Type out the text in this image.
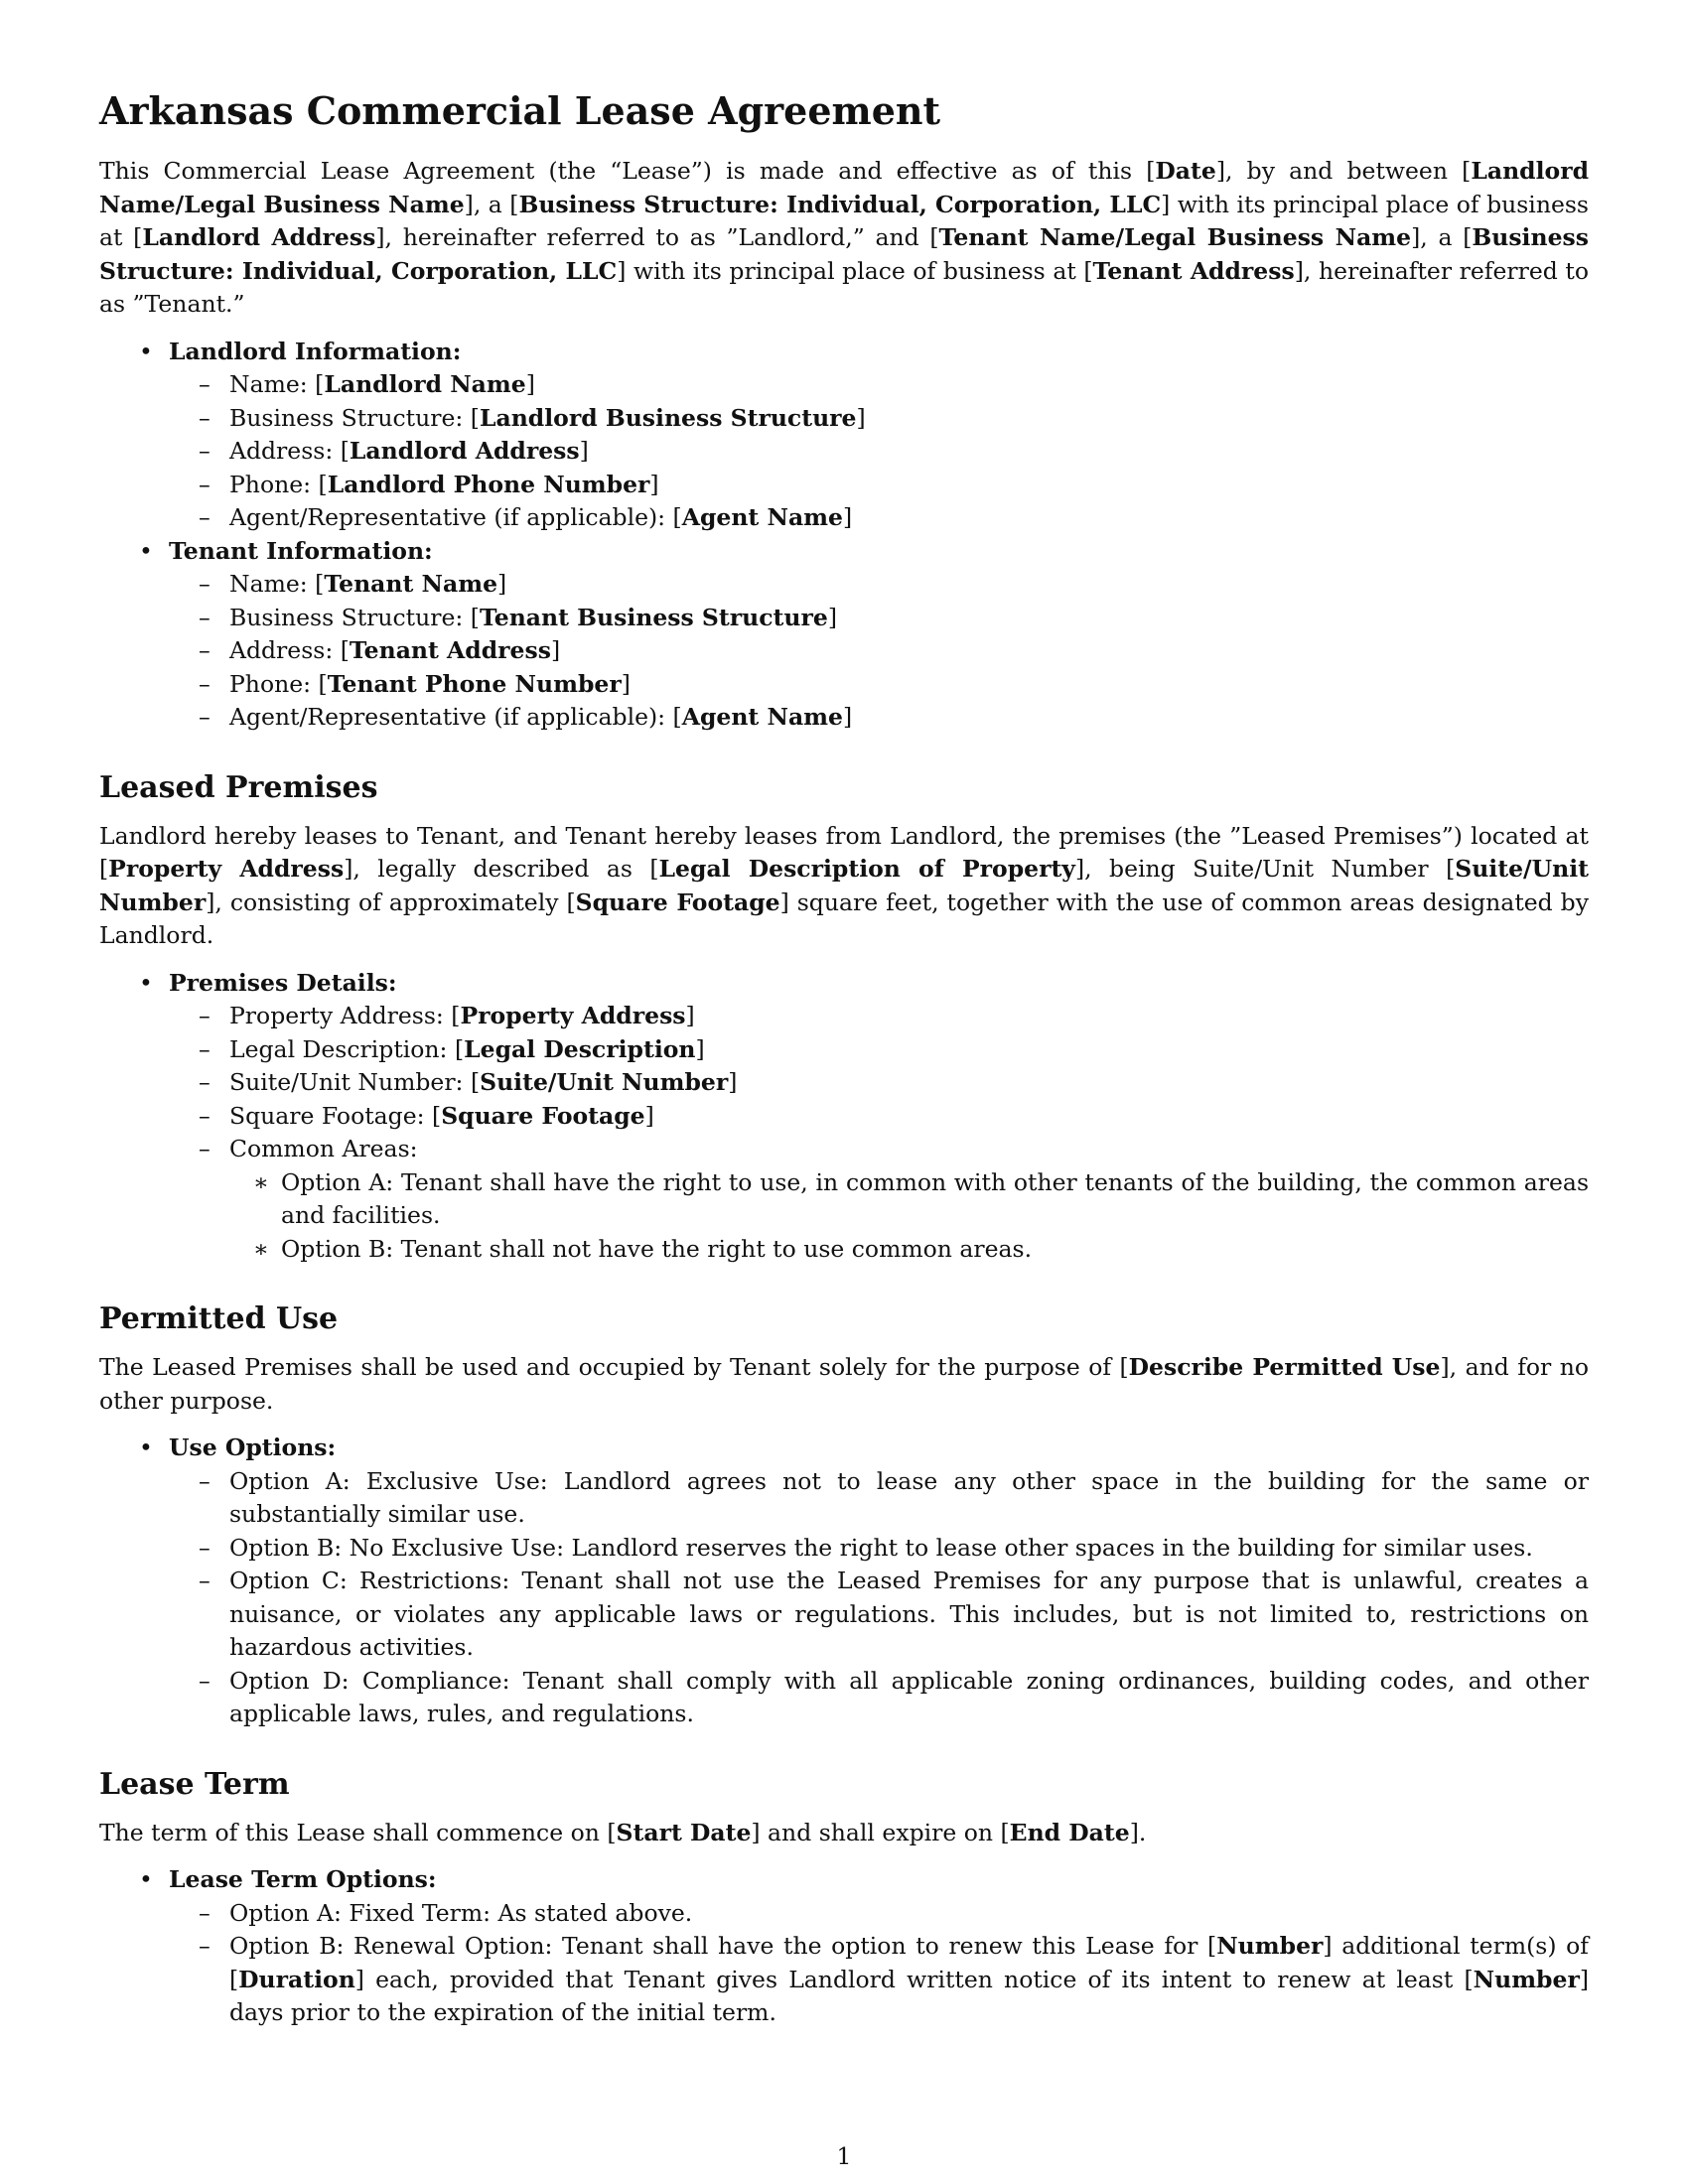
Arkansas Commercial Lease Agreement

This Commercial Lease Agreement (the “Lease”) is made and effective as of this [Date], by and between [Landlord Name/Legal Business Name], a [Business Structure: Individual, Corporation, LLC] with its principal place of business at [Landlord Address], hereinafter referred to as ”Landlord,” and [Tenant Name/Legal Business Name], a [Business Structure: Individual, Corporation, LLC] with its principal place of business at [Tenant Address], hereinafter referred to as ”Tenant.”

• Landlord Information:
– Name: [Landlord Name]
– Business Structure: [Landlord Business Structure]
– Address: [Landlord Address]
– Phone: [Landlord Phone Number]
– Agent/Representative (if applicable): [Agent Name]
• Tenant Information:
– Name: [Tenant Name]
– Business Structure: [Tenant Business Structure]
– Address: [Tenant Address]
– Phone: [Tenant Phone Number]
– Agent/Representative (if applicable): [Agent Name]
Leased Premises

Landlord hereby leases to Tenant, and Tenant hereby leases from Landlord, the premises (the ”Leased Premises”) located at [Property Address], legally described as [Legal Description of Property], being Suite/Unit Number [Suite/Unit Number], consisting of approximately [Square Footage] square feet, together with the use of common areas designated by Landlord.

• Premises Details:
– Property Address: [Property Address]
– Legal Description: [Legal Description]
– Suite/Unit Number: [Suite/Unit Number]
– Square Footage: [Square Footage]
– Common Areas:
∗ Option A: Tenant shall have the right to use, in common with other tenants of the building, the common areas and facilities.
∗ Option B: Tenant shall not have the right to use common areas.
Permitted Use

The Leased Premises shall be used and occupied by Tenant solely for the purpose of [Describe Permitted Use], and for no other purpose.

• Use Options:
– Option A: Exclusive Use: Landlord agrees not to lease any other space in the building for the same or substantially similar use.
– Option B: No Exclusive Use: Landlord reserves the right to lease other spaces in the building for similar uses.
– Option C: Restrictions: Tenant shall not use the Leased Premises for any purpose that is unlawful, creates a nuisance, or violates any applicable laws or regulations. This includes, but is not limited to, restrictions on hazardous activities.
– Option D: Compliance: Tenant shall comply with all applicable zoning ordinances, building codes, and other applicable laws, rules, and regulations.
Lease Term

The term of this Lease shall commence on [Start Date] and shall expire on [End Date].

• Lease Term Options:
– Option A: Fixed Term: As stated above.
– Option B: Renewal Option: Tenant shall have the option to renew this Lease for [Number] additional term(s) of [Duration] each, provided that Tenant gives Landlord written notice of its intent to renew at least [Number] days prior to the expiration of the initial term.
1
